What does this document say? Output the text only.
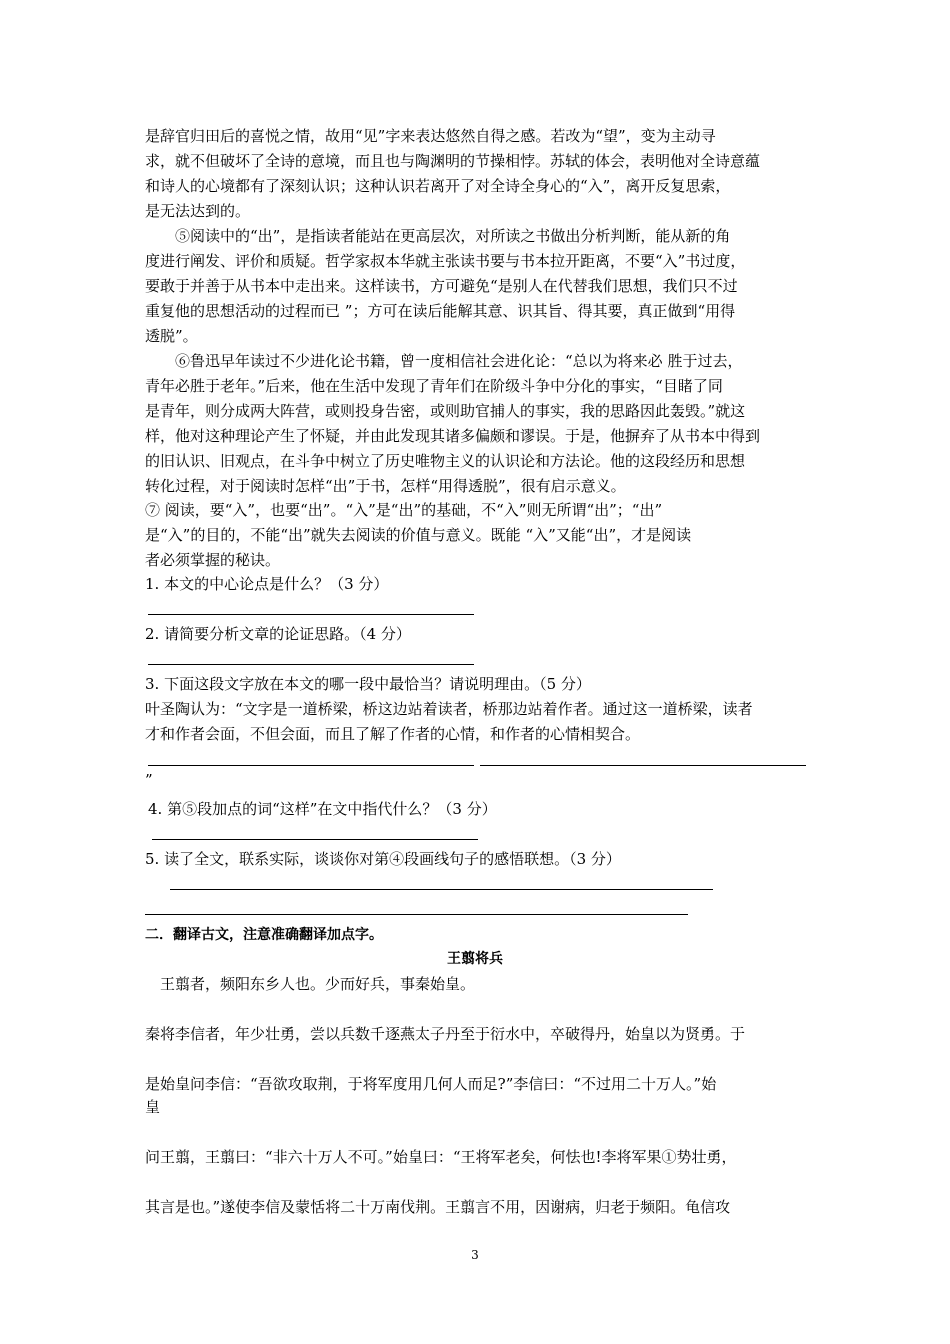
是辞官归田后的喜悦之情，故用“见”字来表达悠然自得之感。若改为“望”，变为主动寻
求，就不但破坏了全诗的意境，而且也与陶渊明的节操相悖。苏轼的体会，表明他对全诗意蕴
和诗人的心境都有了深刻认识；这种认识若离开了对全诗全身心的“入”，离开反复思索，
是无法达到的。
⑤阅读中的“出”，是指读者能站在更高层次，对所读之书做出分析判断，能从新的角
度进行阐发、评价和质疑。哲学家叔本华就主张读书要与书本拉开距离，不要“入”书过度，
要敢于并善于从书本中走出来。这样读书，方可避免“是别人在代替我们思想，我们只不过
重复他的思想活动的过程而已 ”；方可在读后能解其意、识其旨、得其要，真正做到“用得
透脱”。
⑥鲁迅早年读过不少进化论书籍，曾一度相信社会进化论：“总以为将来必 胜于过去，
青年必胜于老年。”后来，他在生活中发现了青年们在阶级斗争中分化的事实，“目睹了同
是青年，则分成两大阵营，或则投身告密，或则助官捕人的事实，我的思路因此轰毁。”就这
样，他对这种理论产生了怀疑，并由此发现其诸多偏颇和谬误。于是，他摒弃了从书本中得到
的旧认识、旧观点，在斗争中树立了历史唯物主义的认识论和方法论。他的这段经历和思想
转化过程，对于阅读时怎样“出”于书，怎样“用得透脱”，很有启示意义。
⑦ 阅读，要“入”，也要“出”。“入”是“出”的基础，不“入”则无所谓“出”；“出”
是“入”的目的，不能“出”就失去阅读的价值与意义。既能 “入”又能“出”，才是阅读
者必须掌握的秘诀。
1. 本文的中心论点是什么？（3 分）
2. 请简要分析文章的论证思路。（4 分）
3. 下面这段文字放在本文的哪一段中最恰当？请说明理由。（5 分）
叶圣陶认为：“文字是一道桥梁，桥这边站着读者，桥那边站着作者。通过这一道桥梁，读者
才和作者会面，不但会面，而且了解了作者的心情，和作者的心情相契合。
”
4. 第⑤段加点的词“这样”在文中指代什么？（3 分）
5. 读了全文，联系实际，谈谈你对第④段画线句子的感悟联想。（3 分）
二．翻译古文，注意准确翻译加点字。
王翦将兵
王翦者，频阳东乡人也。少而好兵，事秦始皇。
秦将李信者，年少壮勇，尝以兵数千逐燕太子丹至于衍水中，卒破得丹，始皇以为贤勇。于
是始皇问李信：“吾欲攻取荆，于将军度用几何人而足?”李信曰：“不过用二十万人。”始
皇
问王翦，王翦曰：“非六十万人不可。”始皇曰：“王将军老矣，何怯也!李将军果①势壮勇，
其言是也。”遂使李信及蒙恬将二十万南伐荆。王翦言不用，因谢病，归老于频阳。龟信攻
3
